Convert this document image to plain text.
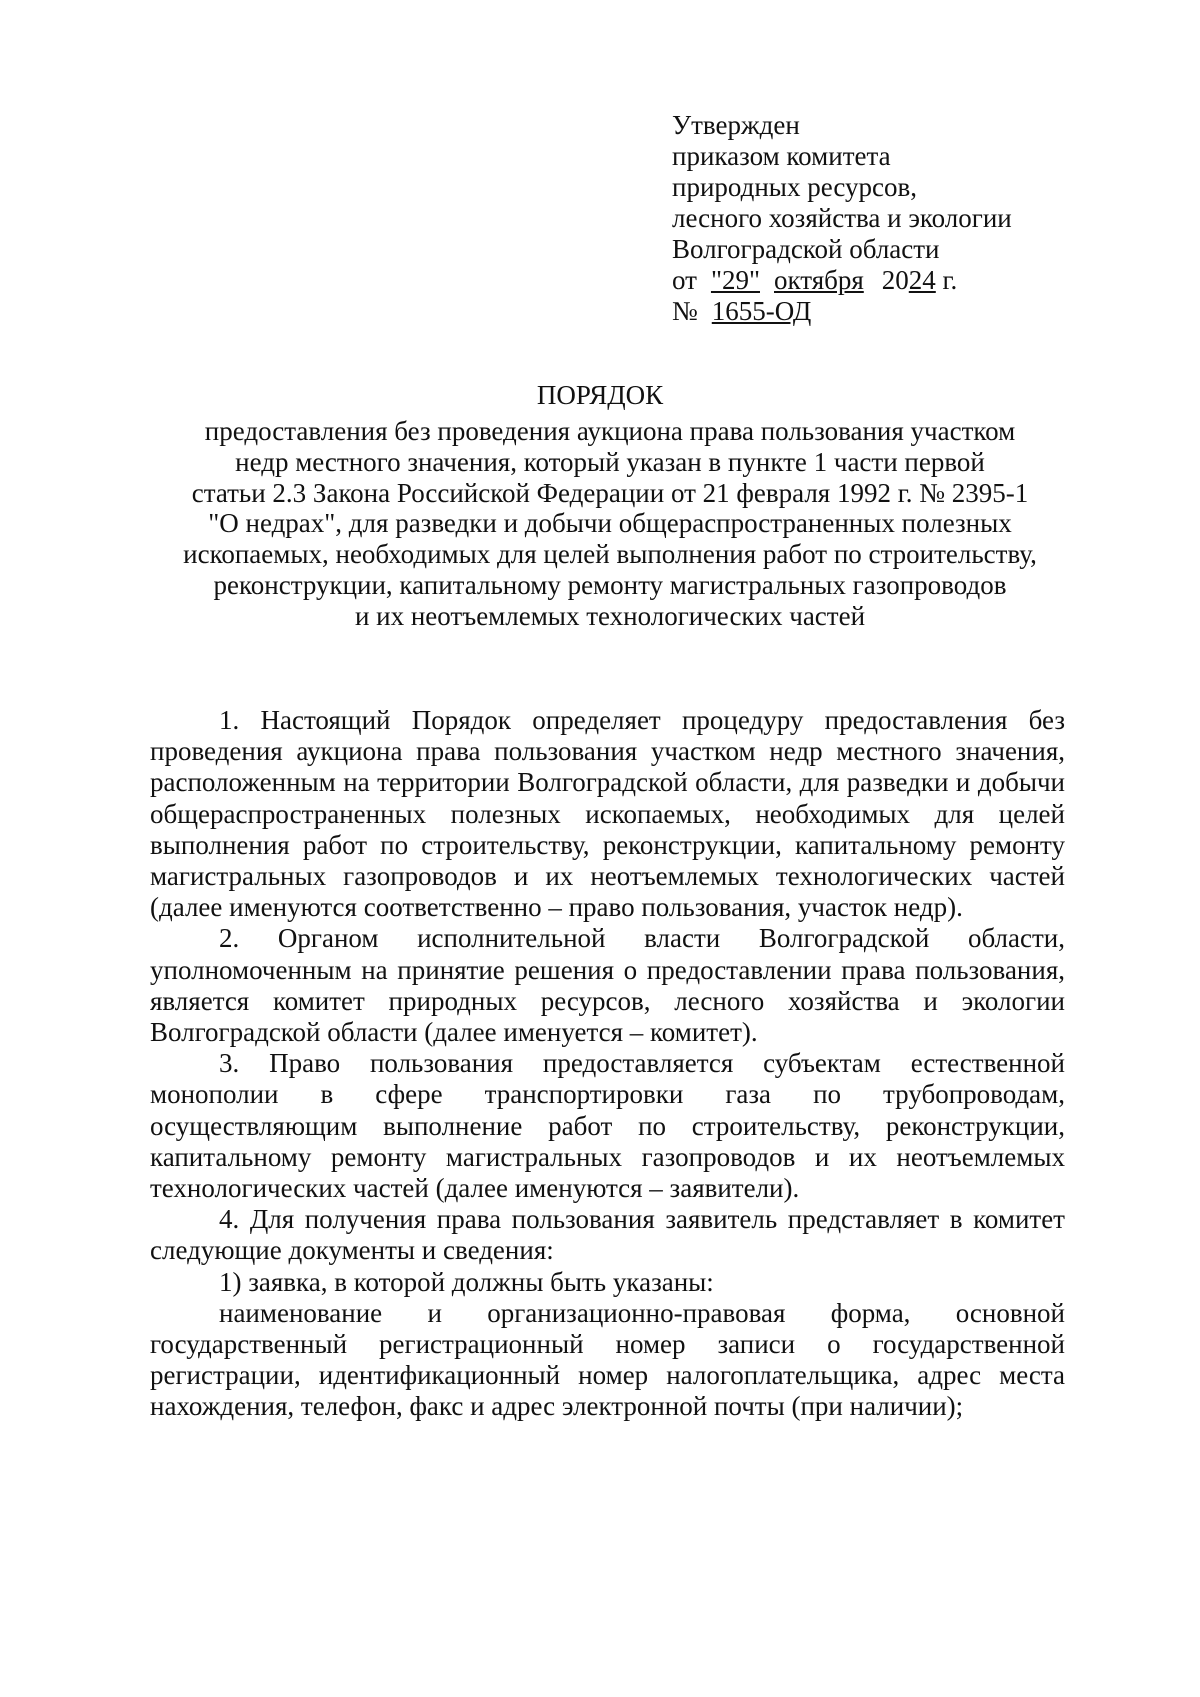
Утвержден
приказом комитета
природных ресурсов,
лесного хозяйства и экологии
Волгоградской области
от "29" октября 2024 г.
№ 1655-ОД
ПОРЯДОК
предоставления без проведения аукциона права пользования участком
недр местного значения, который указан в пункте 1 части первой
статьи 2.3 Закона Российской Федерации от 21 февраля 1992 г. № 2395-1
"О недрах", для разведки и добычи общераспространенных полезных
ископаемых, необходимых для целей выполнения работ по строительству,
реконструкции, капитальному ремонту магистральных газопроводов
и их неотъемлемых технологических частей

1. Настоящий Порядок определяет процедуру предоставления без проведения аукциона права пользования участком недр местного значения, расположенным на территории Волгоградской области, для разведки и добычи общераспространенных полезных ископаемых, необходимых для целей выполнения работ по строительству, реконструкции, капитальному ремонту магистральных газопроводов и их неотъемлемых технологических частей (далее именуются соответственно – право пользования, участок недр).

2. Органом исполнительной власти Волгоградской области, уполномоченным на принятие решения о предоставлении права пользования, является комитет природных ресурсов, лесного хозяйства и экологии Волгоградской области (далее именуется – комитет).

3. Право пользования предоставляется субъектам естественной монополии в сфере транспортировки газа по трубопроводам, осуществляющим выполнение работ по строительству, реконструкции, капитальному ремонту магистральных газопроводов и их неотъемлемых технологических частей (далее именуются – заявители).

4. Для получения права пользования заявитель представляет в комитет следующие документы и сведения:

1) заявка, в которой должны быть указаны:

наименование и организационно-правовая форма, основной государственный регистрационный номер записи о государственной регистрации, идентификационный номер налогоплательщика, адрес места нахождения, телефон, факс и адрес электронной почты (при наличии);
